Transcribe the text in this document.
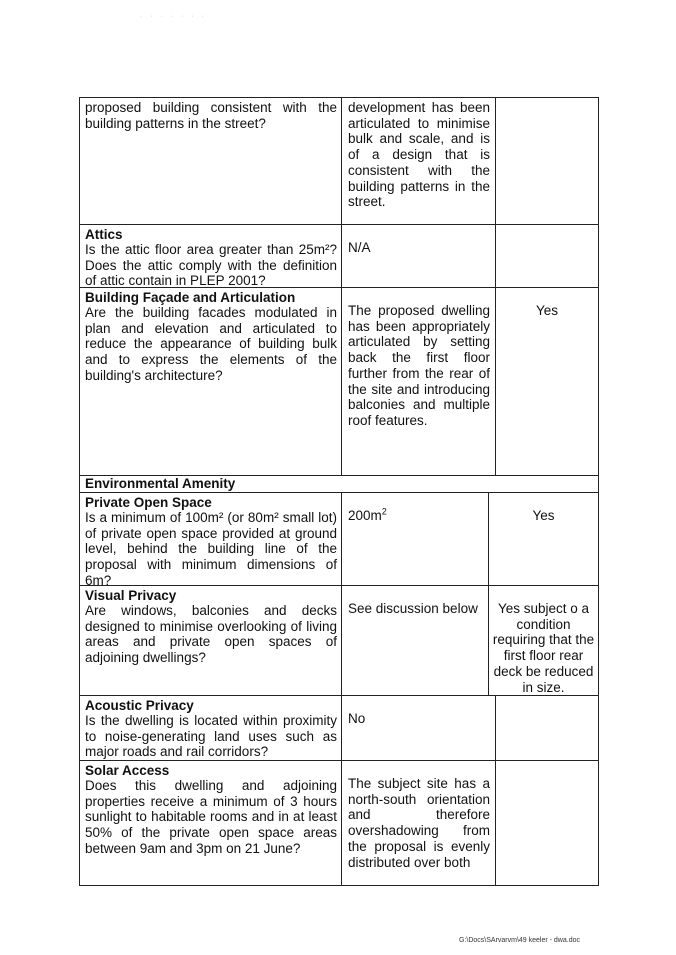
· · · · · · ·
proposed building consistent with the building patterns in the street?
development has been articulated to minimise bulk and scale, and is of a design that is consistent with the building patterns in the street.
Attics
Is the attic floor area greater than 25m²? Does the attic comply with the definition of attic contain in PLEP 2001?
N/A
Building Façade and Articulation
Are the building facades modulated in plan and elevation and articulated to reduce the appearance of building bulk and to express the elements of the building's architecture?
The proposed dwelling has been appropriately articulated by setting back the first floor further from the rear of the site and introducing balconies and multiple roof features.
Yes
Environmental Amenity
Private Open Space
Is a minimum of 100m² (or 80m² small lot) of private open space provided at ground level, behind the building line of the proposal with minimum dimensions of 6m?
$200m^2$	Yes
Visual Privacy
Are windows, balconies and decks designed to minimise overlooking of living areas and private open spaces of adjoining dwellings?
See discussion below	Yes subject o a condition requiring that the first floor rear deck be reduced in size.
Acoustic Privacy
Is the dwelling is located within proximity to noise-generating land uses such as major roads and rail corridors?
No
Solar Access
Does this dwelling and adjoining properties receive a minimum of 3 hours sunlight to habitable rooms and in at least 50% of the private open space areas between 9am and 3pm on 21 June?
The subject site has a north-south orientation and therefore overshadowing from the proposal is evenly distributed over both
G:\Docs\SArvarvm\49 keeler - dwa.doc
